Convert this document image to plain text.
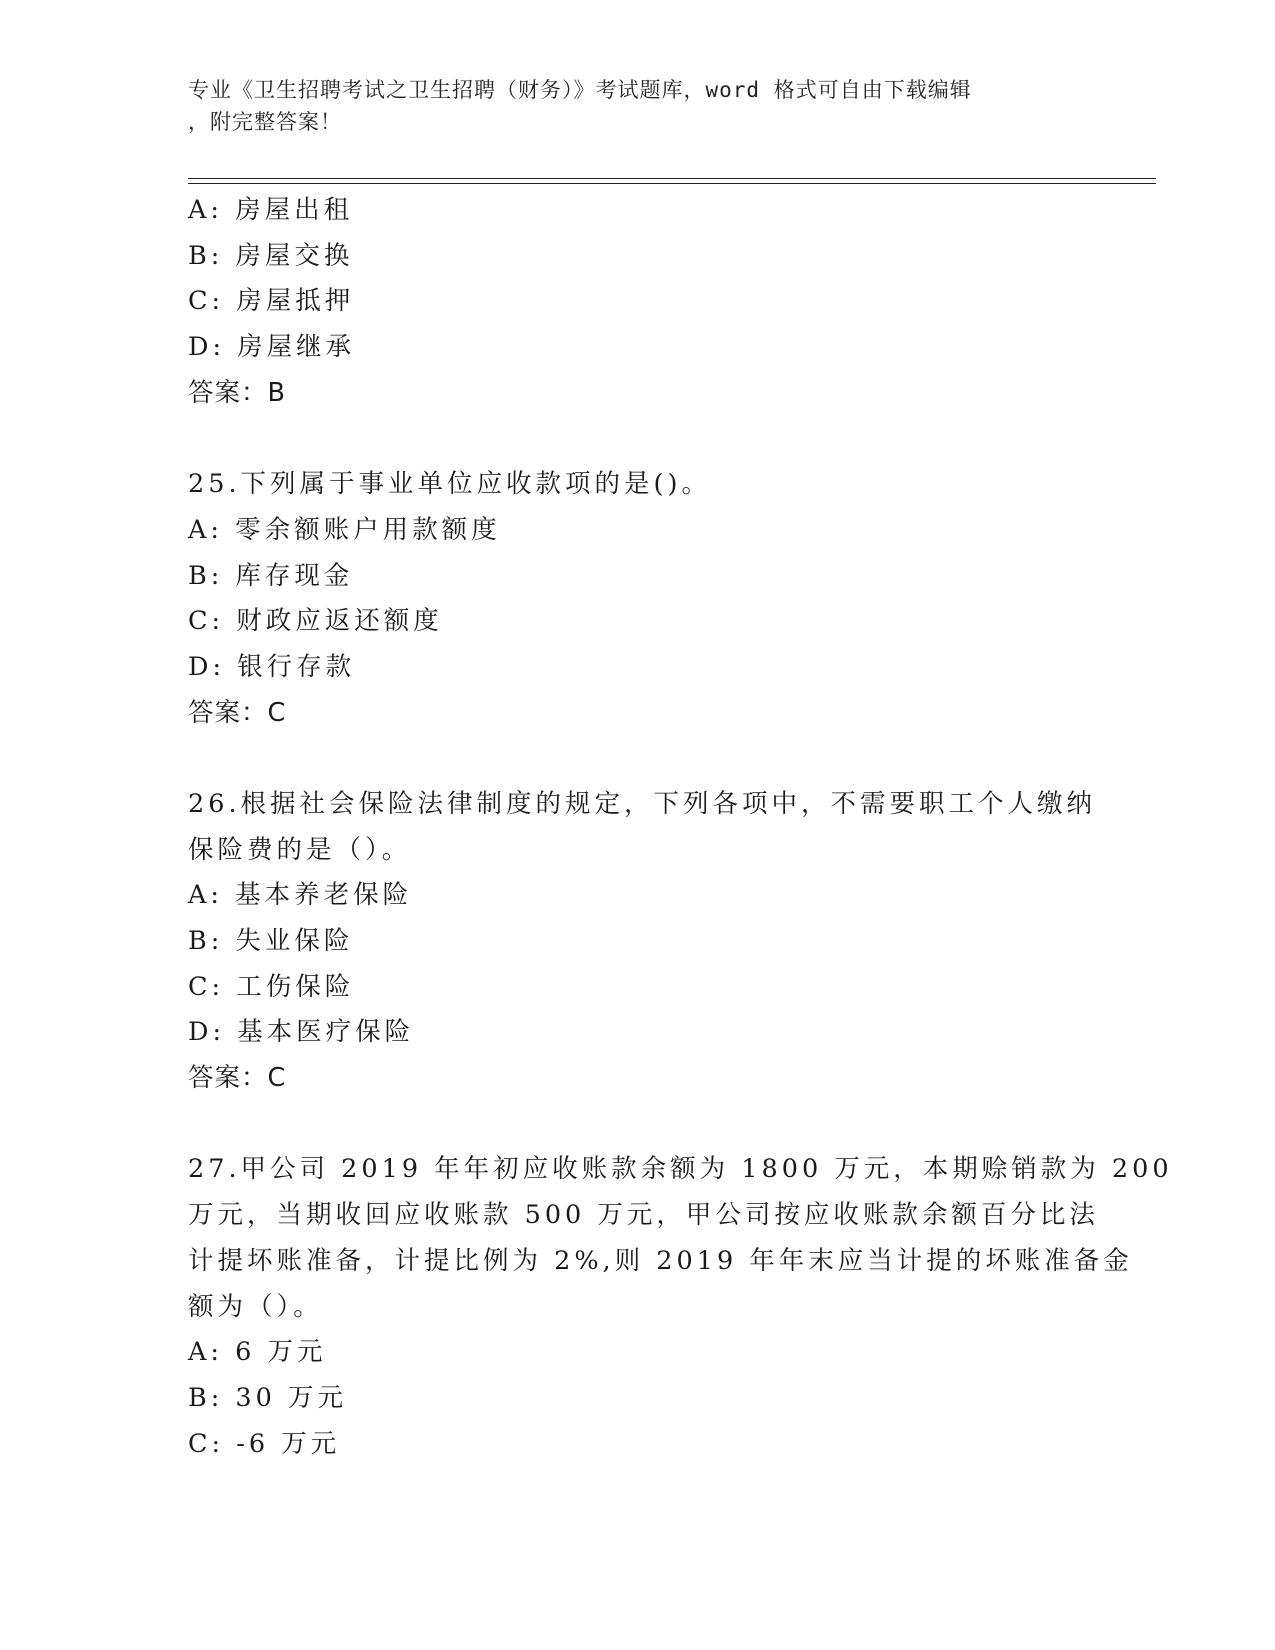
专业《卫生招聘考试之卫生招聘（财务）》考试题库，word 格式可自由下载编辑
，附完整答案！
A: 房屋出租
B: 房屋交换
C: 房屋抵押
D: 房屋继承
答案：B
25.下列属于事业单位应收款项的是()。
A: 零余额账户用款额度
B: 库存现金
C: 财政应返还额度
D: 银行存款
答案：C
26.根据社会保险法律制度的规定，下列各项中，不需要职工个人缴纳
保险费的是（）。
A: 基本养老保险
B: 失业保险
C: 工伤保险
D: 基本医疗保险
答案：C
27.甲公司 2019 年年初应收账款余额为 1800 万元，本期赊销款为 200
万元，当期收回应收账款 500 万元，甲公司按应收账款余额百分比法
计提坏账准备，计提比例为 2%,则 2019 年年末应当计提的坏账准备金
额为（）。
A: 6 万元
B: 30 万元
C: -6 万元
